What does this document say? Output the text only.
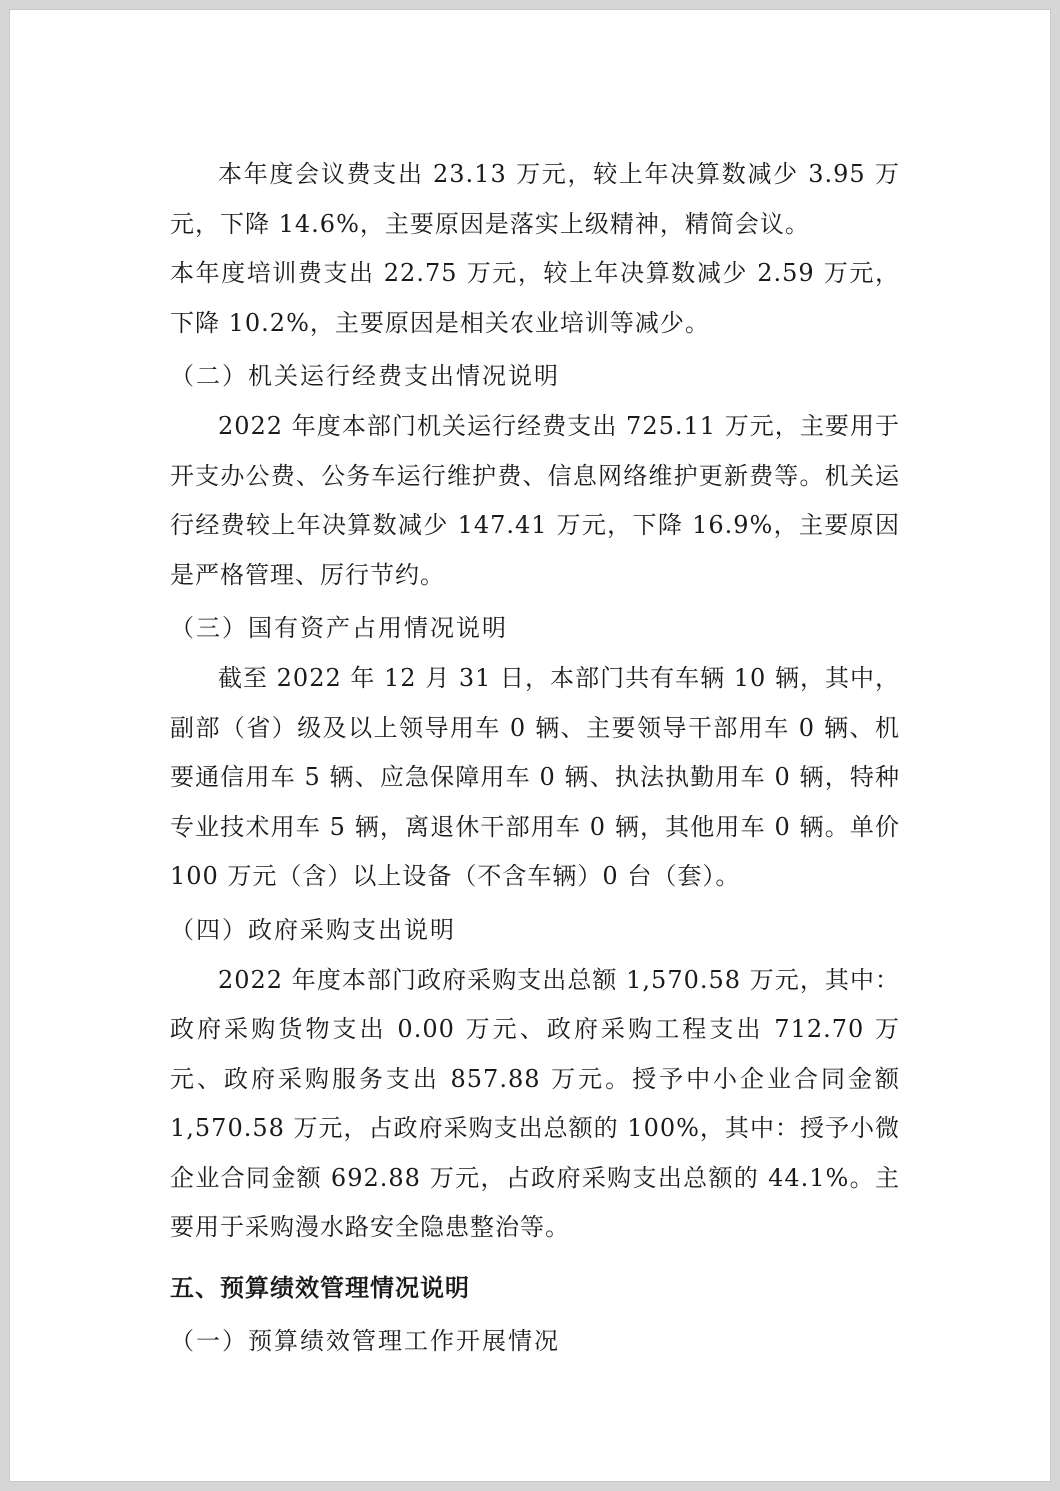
本年度会议费支出 23.13 万元，较上年决算数减少 3.95 万元，下降 14.6%，主要原因是落实上级精神，精简会议。

本年度培训费支出 22.75 万元，较上年决算数减少 2.59 万元，下降 10.2%，主要原因是相关农业培训等减少。

（二）机关运行经费支出情况说明

2022 年度本部门机关运行经费支出 725.11 万元，主要用于开支办公费、公务车运行维护费、信息网络维护更新费等。机关运行经费较上年决算数减少 147.41 万元，下降 16.9%，主要原因是严格管理、厉行节约。

（三）国有资产占用情况说明

截至 2022 年 12 月 31 日，本部门共有车辆 10 辆，其中，副部（省）级及以上领导用车 0 辆、主要领导干部用车 0 辆、机要通信用车 5 辆、应急保障用车 0 辆、执法执勤用车 0 辆，特种专业技术用车 5 辆，离退休干部用车 0 辆，其他用车 0 辆。单价 100 万元（含）以上设备（不含车辆）0 台（套）。

（四）政府采购支出说明

2022 年度本部门政府采购支出总额 1,570.58 万元，其中：政府采购货物支出 0.00 万元、政府采购工程支出 712.70 万元、政府采购服务支出 857.88 万元。授予中小企业合同金额 1,570.58 万元，占政府采购支出总额的 100%，其中：授予小微企业合同金额 692.88 万元，占政府采购支出总额的 44.1%。主要用于采购漫水路安全隐患整治等。

五、预算绩效管理情况说明

（一）预算绩效管理工作开展情况
